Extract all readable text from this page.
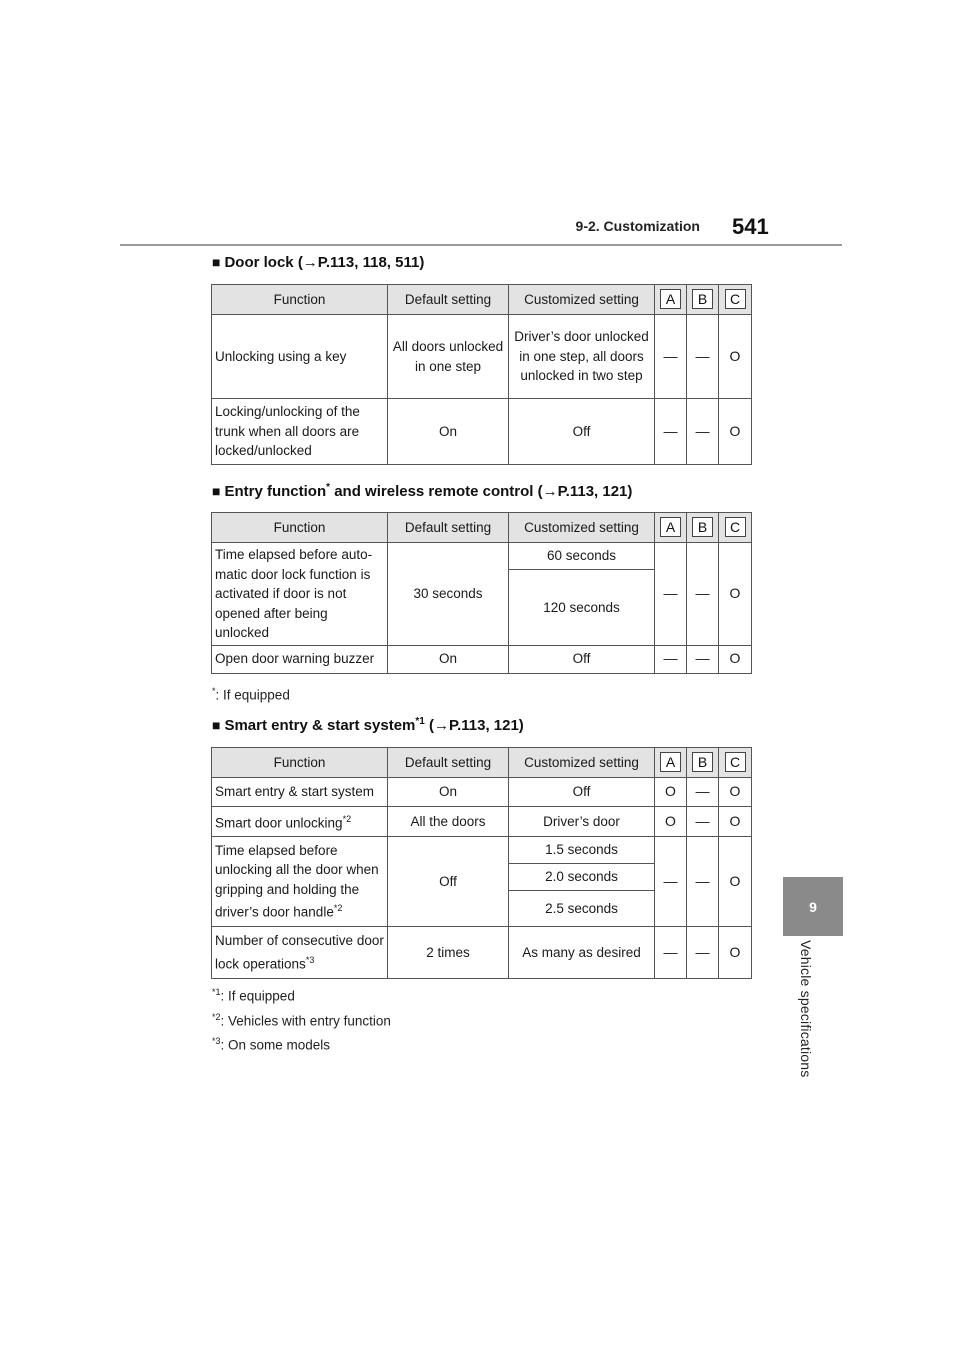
9-2. Customization 541
9
Vehicle specifications
■ Door lock (→P.113, 118, 511)
Function	Default setting	Customized setting	A	B	C
Unlocking using a key	All doors unlocked in one step	Driver’s door unlocked in one step, all doors unlocked in two step	—	—	O
Locking/unlocking of the trunk when all doors are locked/unlocked	On	Off	—	—	O
■ Entry function* and wireless remote control (→P.113, 121)
Function	Default setting	Customized setting	A	B	C
Time elapsed before auto-matic door lock function is activated if door is not opened after being unlocked	30 seconds	60 seconds	—	—	O
		120 seconds			
Open door warning buzzer	On	Off	—	—	O
*: If equipped
■ Smart entry & start system$^{*1}$ (→P.113, 121)
Function	Default setting	Customized setting	A	B	C
Smart entry & start system	On	Off	O	—	O
Smart door unlocking$^{*2}$	All the doors	Driver’s door	O	—	O
Time elapsed before unlocking all the door when gripping and holding the driver’s door handle$^{*2}$	Off	1.5 seconds	—	—	O
		2.0 seconds			
		2.5 seconds			
Number of consecutive door lock operations$^{*3}$	2 times	As many as desired	—	—	O
$^{*1}$: If equipped
$^{*2}$: Vehicles with entry function
$^{*3}$: On some models
